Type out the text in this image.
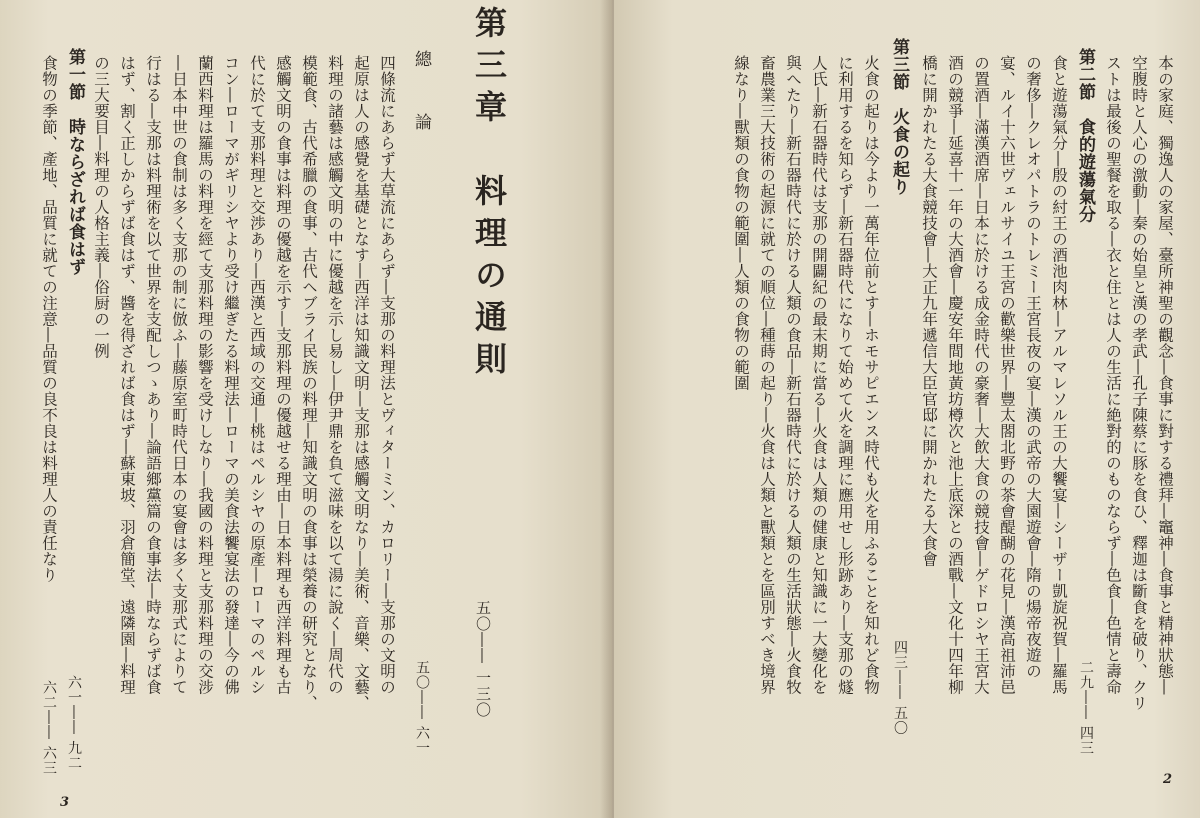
第三章　料理の通則
五〇―― 一三〇
總　　論
五〇―― 六一
四條流にあらず大草流にあらず―支那の料理法とヴィターミン、カロリー―支那の文明の
起原は人の感覺を基礎となす―西洋は知識文明―支那は感觸文明なり―美術、音樂、文藝、
料理の諸藝は感觸文明の中に優越を示し易し―伊尹鼎を負て滋味を以て湯に說く―周代の
模範食、古代希臘の食事、古代ヘブライ民族の料理―知識文明の食事は榮養の研究となり、
感觸文明の食事は料理の優越を示す―支那料理の優越せる理由―日本料理も西洋料理も古
代に於て支那料理と交渉あり―西漢と西域の交通―桃はペルシヤの原產―ローマのペルシ
コン―ローマがギリシヤより受け繼ぎたる料理法―ローマの美食法饗宴法の發達―今の佛
蘭西料理は羅馬の料理を經て支那料理の影響を受けしなり―我國の料理と支那料理の交涉
―日本中世の食制は多く支那の制に倣ふ―藤原室町時代日本の宴會は多く支那式によりて
行はる―支那は料理術を以て世界を支配しつゝあり―論語鄉黨篇の食事法―時ならずば食
はず、割く正しからずば食はず、醬を得ざれば食はず―蘇東坡、羽倉簡堂、遠隣園―料理
の三大要目―料理の人格主義―俗厨の一例
第一節　時ならざれば食はず
食物の季節、產地、品質に就ての注意―品質の良不良は料理人の責任なり
六一―― 九二
六二―― 六三
3
本の家庭、獨逸人の家屋、臺所神聖の觀念―食事に對する禮拜―竈神―食事と精神狀態―
空腹時と人心の激動―秦の始皇と漢の孝武―孔子陳蔡に豚を食ひ、釋迦は斷食を破り、クリ
ストは最後の聖餐を取る―衣と住とは人の生活に絶對的のものならず―色食―色情と壽命
第二節　食的遊蕩氣分
二九―― 四三
食と遊蕩氣分―殷の紂王の酒池肉林―アルマレソル王の大饗宴―シーザー凱旋祝賀―羅馬
の奢侈―クレオパトラのトレミー王宮長夜の宴―漢の武帝の大園遊會―隋の煬帝夜遊の
宴、ルイ十六世ヴェルサイユ王宮の歡樂世界―豐太閤北野の茶會醍醐の花見―漢高祖沛邑
の置酒―滿漢酒席―日本に於ける成金時代の豪奢―大飲大食の競技會―ゲドロシヤ王宮大
酒の競爭―延喜十一年の大酒會―慶安年間地黃坊樽次と池上底深との酒戰―文化十四年柳
橋に開かれたる大食競技會―大正九年遞信大臣官邸に開かれたる大食會
第三節　火食の起り
四三―― 五〇
火食の起りは今より一萬年位前とす―ホモサピエンス時代も火を用ふることを知れど食物
に利用するを知らず―新石器時代になりて始めて火を調理に應用せし形跡あり―支那の燧
人氏―新石器時代は支那の開闢紀の最末期に當る―火食は人類の健康と知識に一大變化を
與へたり―新石器時代に於ける人類の食品―新石器時代に於ける人類の生活狀態―火食牧
畜農業三大技術の起源に就ての順位―種蒔の起り―火食は人類と獸類とを區別すべき境界
線なり―獸類の食物の範圍―人類の食物の範圍
2
